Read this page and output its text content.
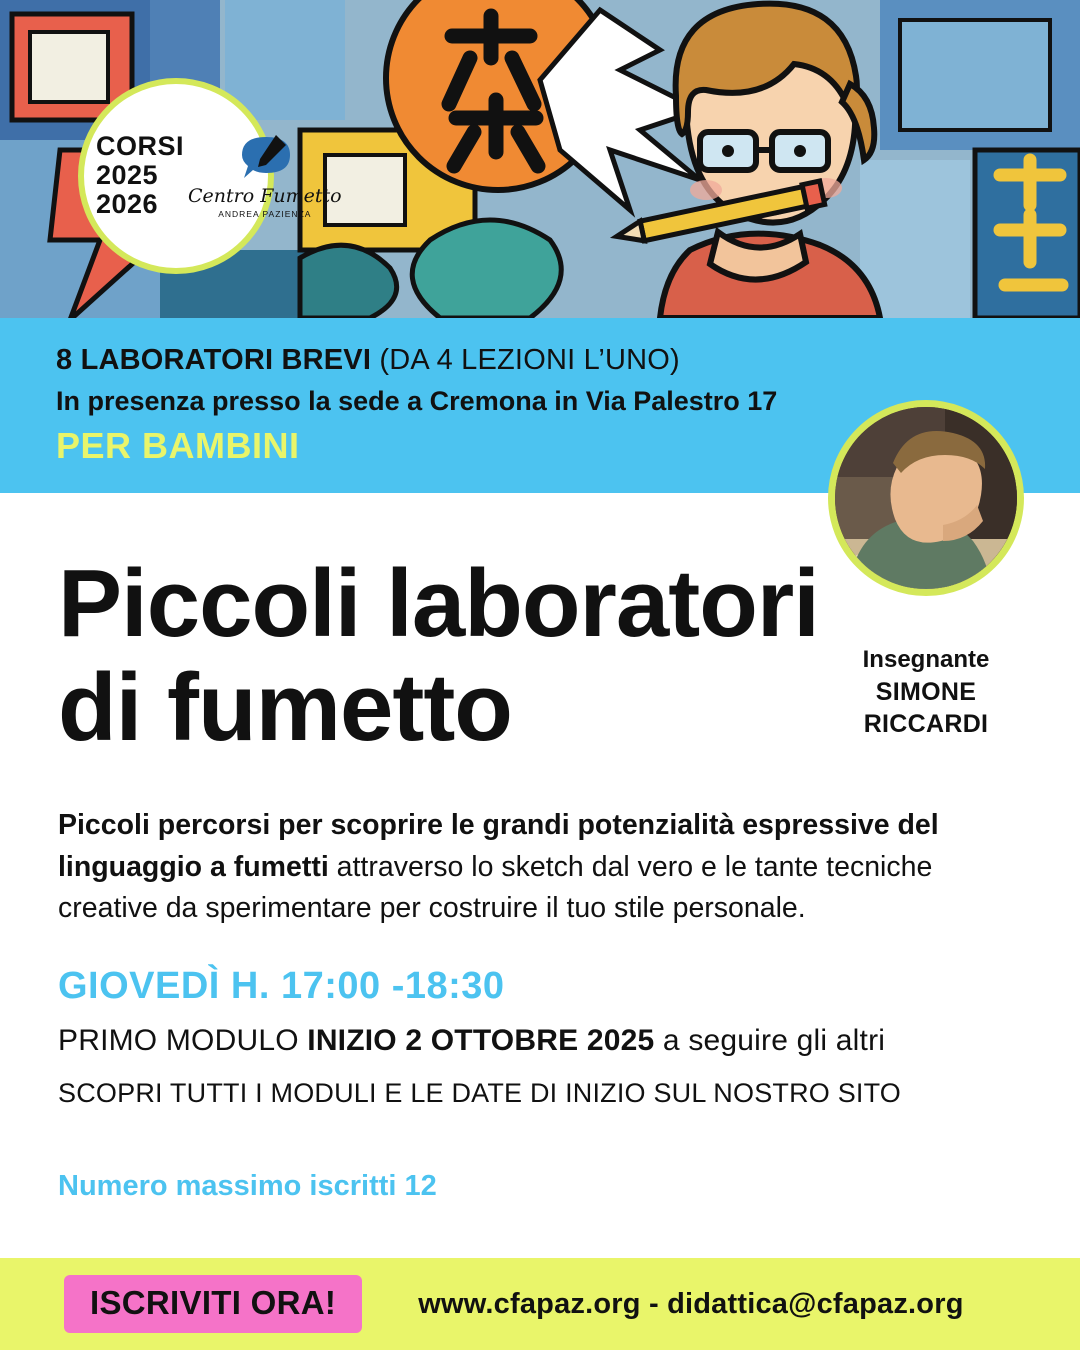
CORSI
2025
2026	Centro Fumetto
ANDREA PAZIENZA
8 LABORATORI BREVI (DA 4 LEZIONI L’UNO)
In presenza presso la sede a Cremona in Via Palestro 17
PER BAMBINI
Insegnante
SIMONE
RICCARDI
Piccoli laboratori
di fumetto
Piccoli percorsi per scoprire le grandi potenzialità espressive del linguaggio a fumetti attraverso lo sketch dal vero e le tante tecniche creative da sperimentare per costruire il tuo stile personale.
GIOVEDÌ H. 17:00 -18:30
PRIMO MODULO INIZIO 2 OTTOBRE 2025 a seguire gli altri
SCOPRI TUTTI I MODULI E LE DATE DI INIZIO SUL NOSTRO SITO
Numero massimo iscritti 12
ISCRIVITI ORA!	www.cfapaz.org - didattica@cfapaz.org
